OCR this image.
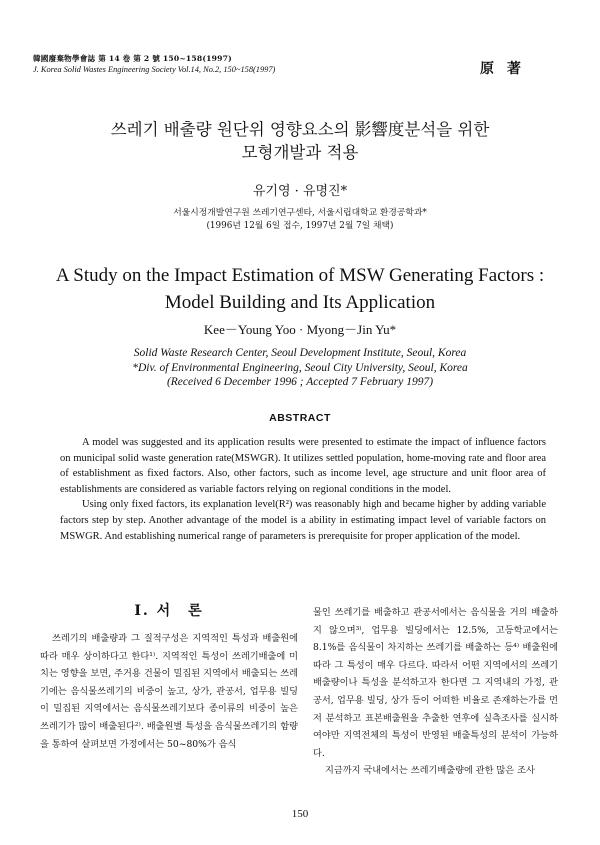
韓國廢棄物學會誌 第 14 卷 第 2 號 150~158(1997)
J. Korea Solid Wastes Engineering Society Vol.14, No.2, 150~158(1997)	原 著
쓰레기 배출량 원단위 영향요소의 影響度분석을 위한
모형개발과 적용
유기영 · 유명진*
서울시정개발연구원 쓰레기연구센타, 서울시립대학교 환경공학과*
(1996년 12월 6일 접수, 1997년 2월 7일 채택)
A Study on the Impact Estimation of MSW Generating Factors :
Model Building and Its Application
Kee－Young Yoo · Myong－Jin Yu*
Solid Waste Research Center, Seoul Development Institute, Seoul, Korea
*Div. of Environmental Engineering, Seoul City University, Seoul, Korea
(Received 6 December 1996 ; Accepted 7 February 1997)
ABSTRACT

A model was suggested and its application results were presented to estimate the impact of influence factors on municipal solid waste generation rate(MSWGR). It utilizes settled population, home-moving rate and floor area of establishment as fixed factors. Also, other factors, such as income level, age structure and unit floor area of establishments are considered as variable factors relying on regional conditions in the model.

Using only fixed factors, its explanation level(R²) was reasonably high and became higher by adding variable factors step by step. Another advantage of the model is a ability in estimating impact level of variable factors on MSWGR. And establishing numerical range of parameters is prerequisite for proper application of the model.

Ⅰ. 서　론

쓰레기의 배출량과 그 질적구성은 지역적인 특성과 배출원에 따라 매우 상이하다고 한다¹⁾. 지역적인 특성이 쓰레기배출에 미치는 영향을 보면, 주거용 건물이 밀집된 지역에서 배출되는 쓰레기에는 음식물쓰레기의 비중이 높고, 상가, 관공서, 업무용 빌딩이 밀집된 지역에서는 음식물쓰레기보다 종이류의 비중이 높은 쓰레기가 많이 배출된다²⁾. 배출원별 특성을 음식물쓰레기의 함량을 통하여 살펴보면 가정에서는 50~80%가 음식

물인 쓰레기를 배출하고 관공서에서는 음식물을 거의 배출하지 않으며³⁾, 업무용 빌딩에서는 12.5%, 고등학교에서는 8.1%를 음식물이 차지하는 쓰레기를 배출하는 등⁴⁾ 배출원에 따라 그 특성이 매우 다르다. 따라서 어떤 지역에서의 쓰레기배출량이나 특성을 분석하고자 한다면 그 지역내의 가정, 관공서, 업무용 빌딩, 상가 등이 어떠한 비율로 존재하는가를 먼저 분석하고 표본배출원을 추출한 연후에 실측조사를 실시하여야만 지역전체의 특성이 반영된 배출특성의 분석이 가능하다.

지금까지 국내에서는 쓰레기배출량에 관한 많은 조사

150
